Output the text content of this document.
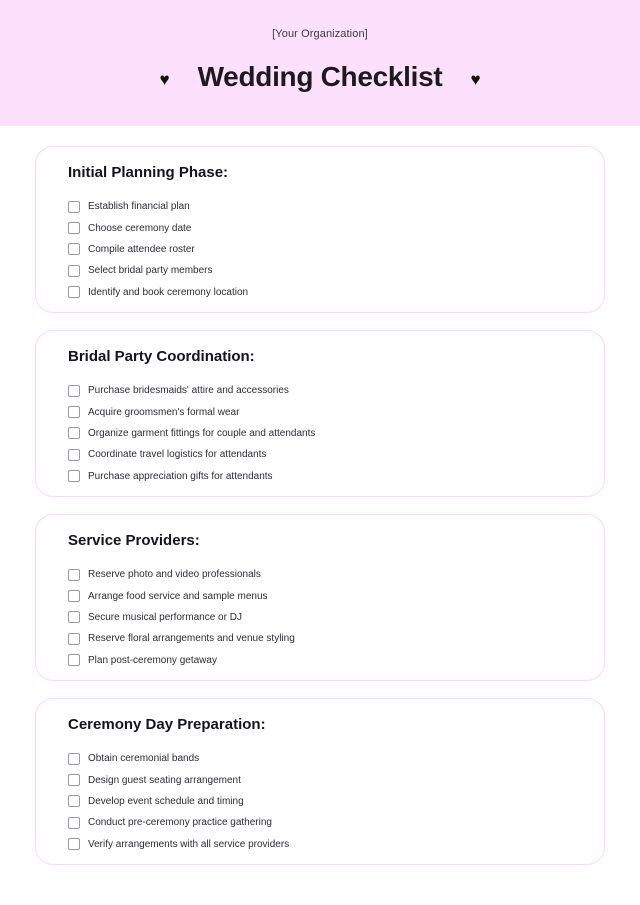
[Your Organization]
♥ Wedding Checklist ♥
Initial Planning Phase:
Establish financial plan
Choose ceremony date
Compile attendee roster
Select bridal party members
Identify and book ceremony location
Bridal Party Coordination:
Purchase bridesmaids' attire and accessories
Acquire groomsmen's formal wear
Organize garment fittings for couple and attendants
Coordinate travel logistics for attendants
Purchase appreciation gifts for attendants
Service Providers:
Reserve photo and video professionals
Arrange food service and sample menus
Secure musical performance or DJ
Reserve floral arrangements and venue styling
Plan post-ceremony getaway
Ceremony Day Preparation:
Obtain ceremonial bands
Design guest seating arrangement
Develop event schedule and timing
Conduct pre-ceremony practice gathering
Verify arrangements with all service providers
